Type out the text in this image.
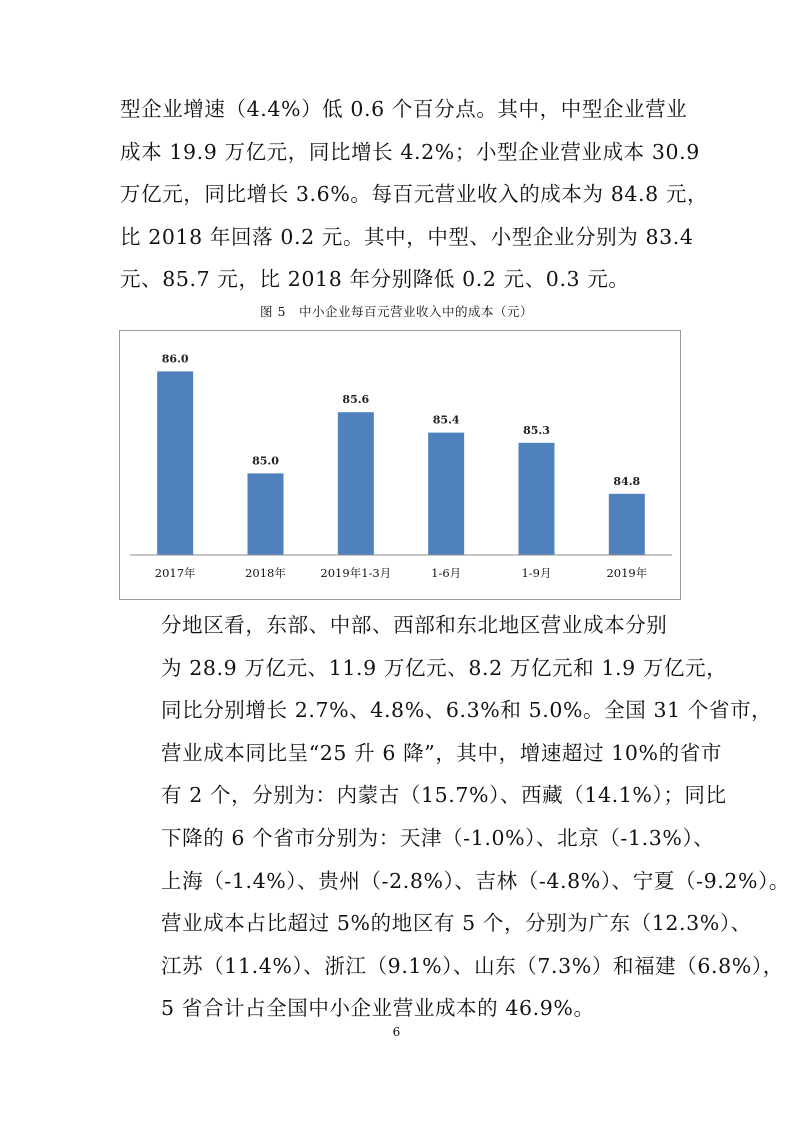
型企业增速（4.4%）低 0.6 个百分点。其中，中型企业营业
成本 19.9 万亿元，同比增长 4.2%；小型企业营业成本 30.9
万亿元，同比增长 3.6%。每百元营业收入的成本为 84.8 元，
比 2018 年回落 0.2 元。其中，中型、小型企业分别为 83.4
元、85.7 元，比 2018 年分别降低 0.2 元、0.3 元。
图 5　中小企业每百元营业收入中的成本（元）
86.0
2017年
85.0
2018年
85.6
2019年1-3月
85.4
1-6月
85.3
1-9月
84.8
2019年
分地区看，东部、中部、西部和东北地区营业成本分别
为 28.9 万亿元、11.9 万亿元、8.2 万亿元和 1.9 万亿元，
同比分别增长 2.7%、4.8%、6.3%和 5.0%。全国 31 个省市，
营业成本同比呈“25 升 6 降”，其中，增速超过 10%的省市
有 2 个，分别为：内蒙古（15.7%）、西藏（14.1%）；同比
下降的 6 个省市分别为：天津（-1.0%）、北京（-1.3%）、
上海（-1.4%）、贵州（-2.8%）、吉林（-4.8%）、宁夏（-9.2%）。
营业成本占比超过 5%的地区有 5 个，分别为广东（12.3%）、
江苏（11.4%）、浙江（9.1%）、山东（7.3%）和福建（6.8%），
5 省合计占全国中小企业营业成本的 46.9%。
6
